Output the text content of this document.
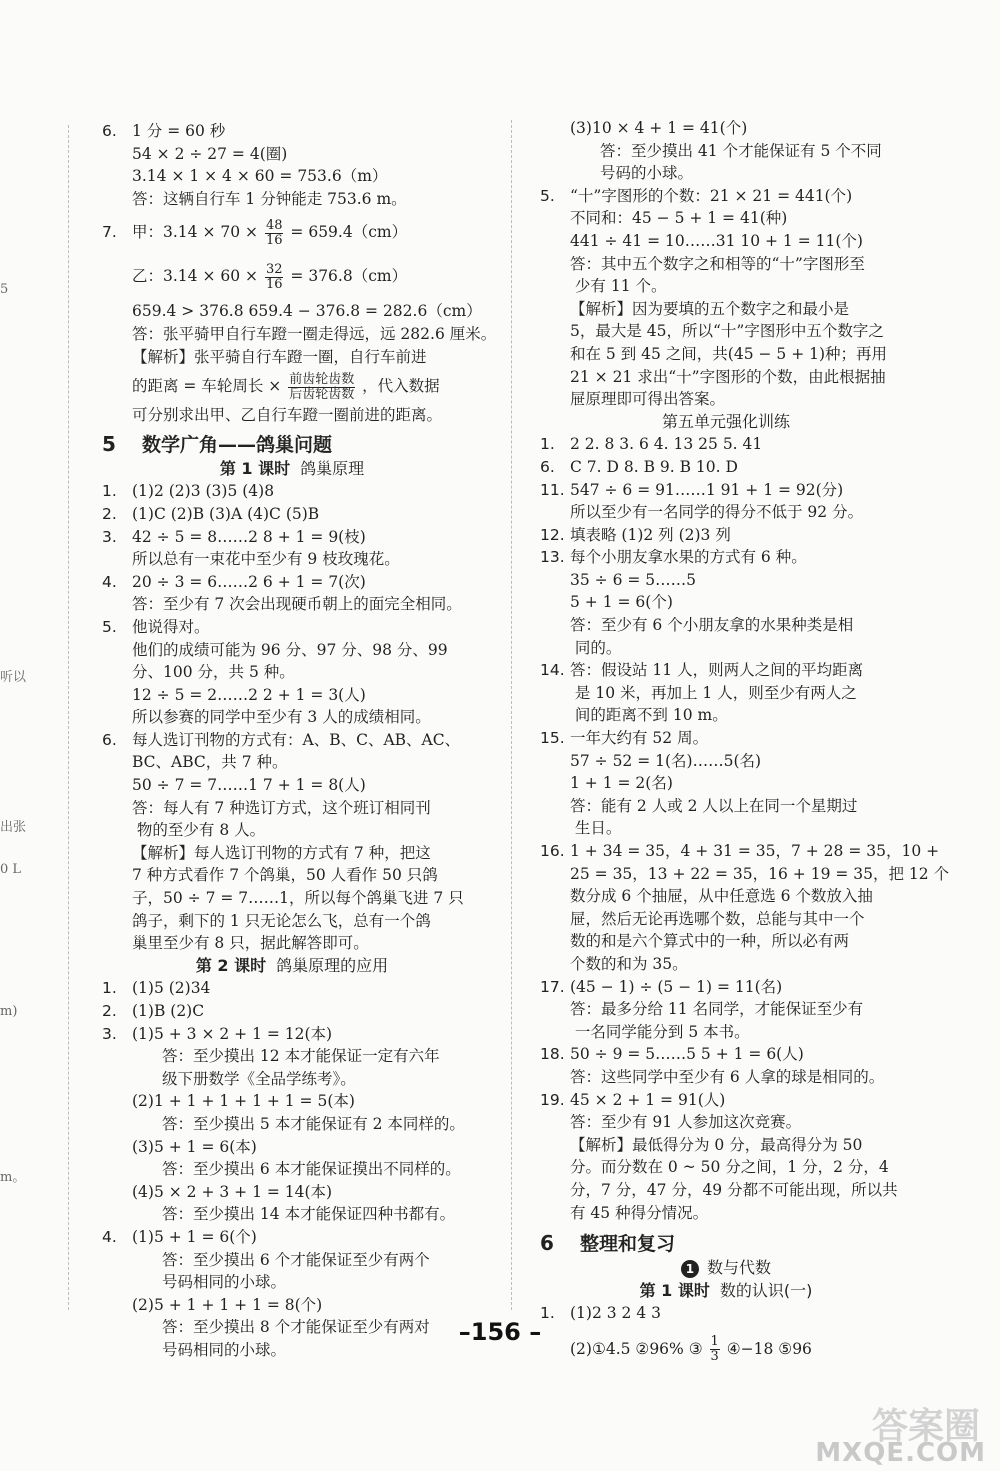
5
听以
出张
0 L
m)
m。
6. 1 分 = 60 秒
54 × 2 ÷ 27 = 4(圈)
3.14 × 1 × 4 × 60 = 753.6（m）
答：这辆自行车 1 分钟能走 753.6 m。
7. 甲：$3.14 \times 70 \times \frac{48}{16} = 659.4(cm)$
乙：$3.14 \times 60 \times \frac{32}{16} = 376.8(cm)$
659.4 > 376.8 659.4 − 376.8 = 282.6（cm）
答：张平骑甲自行车蹬一圈走得远，远 282.6 厘米。
【解析】张平骑自行车蹬一圈，自行车前进
的距离 = 车轮周长 × $\frac{\text{前齿轮齿数}}{\text{后齿轮齿数}}$ ，代入数据
可分别求出甲、乙自行车蹬一圈前进的距离。
5 数学广角——鸽巢问题
第 1 课时 鸽巢原理
1. (1)2 (2)3 (3)5 (4)8
2. (1)C (2)B (3)A (4)C (5)B
3. 42 ÷ 5 = 8……2 8 + 1 = 9(枝)
所以总有一束花中至少有 9 枝玫瑰花。
4. 20 ÷ 3 = 6……2 6 + 1 = 7(次)
答：至少有 7 次会出现硬币朝上的面完全相同。
5. 他说得对。
他们的成绩可能为 96 分、97 分、98 分、99
分、100 分，共 5 种。
12 ÷ 5 = 2……2 2 + 1 = 3(人)
所以参赛的同学中至少有 3 人的成绩相同。
6. 每人选订刊物的方式有：A、B、C、AB、AC、
BC、ABC，共 7 种。
50 ÷ 7 = 7……1 7 + 1 = 8(人)
答：每人有 7 种选订方式，这个班订相同刊
物的至少有 8 人。
【解析】每人选订刊物的方式有 7 种，把这
7 种方式看作 7 个鸽巢，50 人看作 50 只鸽
子，50 ÷ 7 = 7……1，所以每个鸽巢飞进 7 只
鸽子，剩下的 1 只无论怎么飞，总有一个鸽
巢里至少有 8 只，据此解答即可。
第 2 课时 鸽巢原理的应用
1. (1)5 (2)34
2. (1)B (2)C
3. (1)5 + 3 × 2 + 1 = 12(本)
答：至少摸出 12 本才能保证一定有六年
级下册数学《全品学练考》。
(2)1 + 1 + 1 + 1 + 1 = 5(本)
答：至少摸出 5 本才能保证有 2 本同样的。
(3)5 + 1 = 6(本)
答：至少摸出 6 本才能保证摸出不同样的。
(4)5 × 2 + 3 + 1 = 14(本)
答：至少摸出 14 本才能保证四种书都有。
4. (1)5 + 1 = 6(个)
答：至少摸出 6 个才能保证至少有两个
号码相同的小球。
(2)5 + 1 + 1 + 1 = 8(个)
答：至少摸出 8 个才能保证至少有两对
号码相同的小球。
(3)10 × 4 + 1 = 41(个)
答：至少摸出 41 个才能保证有 5 个不同
号码的小球。
5. “十”字图形的个数：21 × 21 = 441(个)
不同和：45 − 5 + 1 = 41(种)
441 ÷ 41 = 10……31 10 + 1 = 11(个)
答：其中五个数字之和相等的“十”字图形至
少有 11 个。
【解析】因为要填的五个数字之和最小是
5，最大是 45，所以“十”字图形中五个数字之
和在 5 到 45 之间，共(45 − 5 + 1)种；再用
21 × 21 求出“十”字图形的个数，由此根据抽
屉原理即可得出答案。
第五单元强化训练
1. 2 2. 8 3. 6 4. 13 25 5. 41
6. C 7. D 8. B 9. B 10. D
11. 547 ÷ 6 = 91……1 91 + 1 = 92(分)
所以至少有一名同学的得分不低于 92 分。
12. 填表略 (1)2 列 (2)3 列
13. 每个小朋友拿水果的方式有 6 种。
35 ÷ 6 = 5……5
5 + 1 = 6(个)
答：至少有 6 个小朋友拿的水果种类是相
同的。
14. 答：假设站 11 人，则两人之间的平均距离
是 10 米，再加上 1 人，则至少有两人之
间的距离不到 10 m。
15. 一年大约有 52 周。
57 ÷ 52 = 1(名)……5(名)
1 + 1 = 2(名)
答：能有 2 人或 2 人以上在同一个星期过
生日。
16. 1 + 34 = 35，4 + 31 = 35，7 + 28 = 35，10 +
25 = 35，13 + 22 = 35，16 + 19 = 35，把 12 个
数分成 6 个抽屉，从中任意选 6 个数放入抽
屉，然后无论再选哪个数，总能与其中一个
数的和是六个算式中的一种，所以必有两
个数的和为 35。
17. (45 − 1) ÷ (5 − 1) = 11(名)
答：最多分给 11 名同学，才能保证至少有
一名同学能分到 5 本书。
18. 50 ÷ 9 = 5……5 5 + 1 = 6(人)
答：这些同学中至少有 6 人拿的球是相同的。
19. 45 × 2 + 1 = 91(人)
答：至少有 91 人参加这次竞赛。
【解析】最低得分为 0 分，最高得分为 50
分。而分数在 0 ~ 50 分之间，1 分，2 分，4
分，7 分，47 分，49 分都不可能出现，所以共
有 45 种得分情况。
6 整理和复习
1 数与代数
第 1 课时 数的认识(一)
1. (1)2 3 2 4 3
(2)①4.5 ②96% ③ $\frac{1}{3}$ ④−18 ⑤96
–156 –
答案圈
MXQE.COM
